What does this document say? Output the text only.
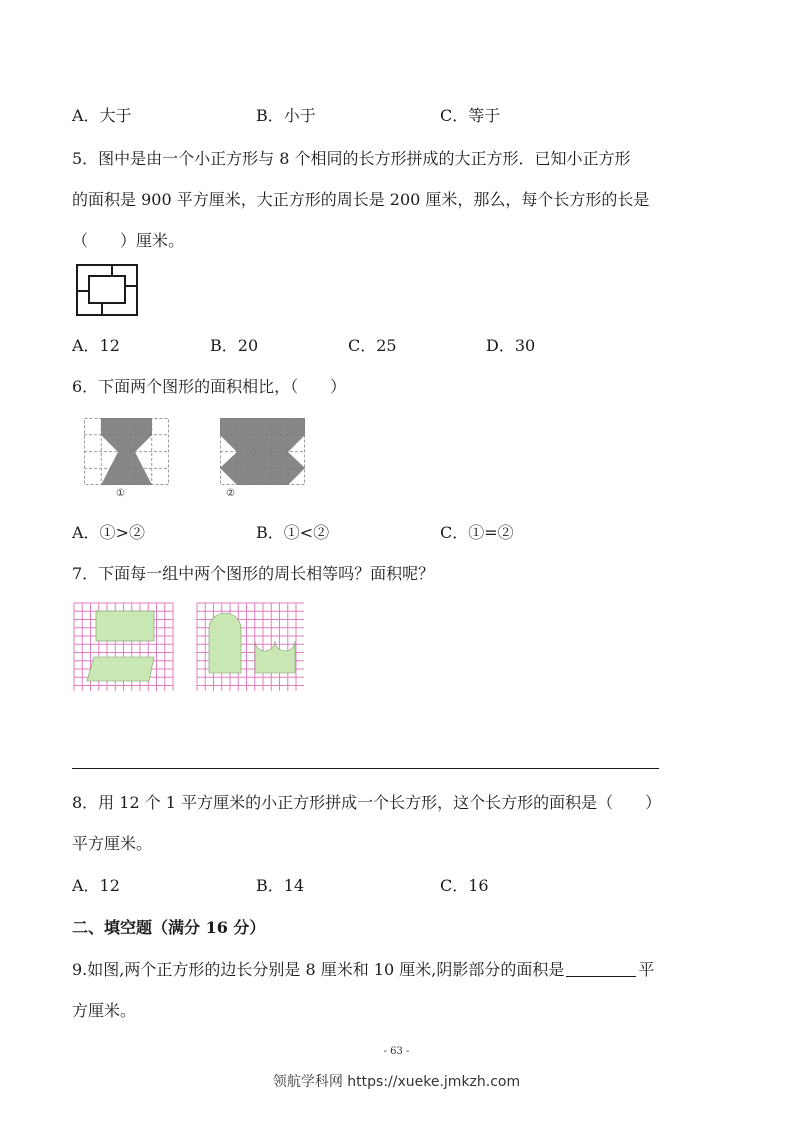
A．大于	B．小于	C．等于
5．图中是由一个小正方形与 8 个相同的长方形拼成的大正方形．已知小正方形
的面积是 900 平方厘米，大正方形的周长是 200 厘米，那么，每个长方形的长是
（　　）厘米。
A．12	B．20	C．25	D．30
6．下面两个图形的面积相比，（　　）
①	②
A．①>②	B．①<②	C．①=②
7．下面每一组中两个图形的周长相等吗？面积呢？
8．用 12 个 1 平方厘米的小正方形拼成一个长方形，这个长方形的面积是（　　）
平方厘米。
A．12	B．14	C．16
二、填空题（满分 16 分）
9.如图,两个正方形的边长分别是 8 厘米和 10 厘米,阴影部分的面积是	平
方厘米。
- 63 -
领航学科网 https://xueke.jmkzh.com
